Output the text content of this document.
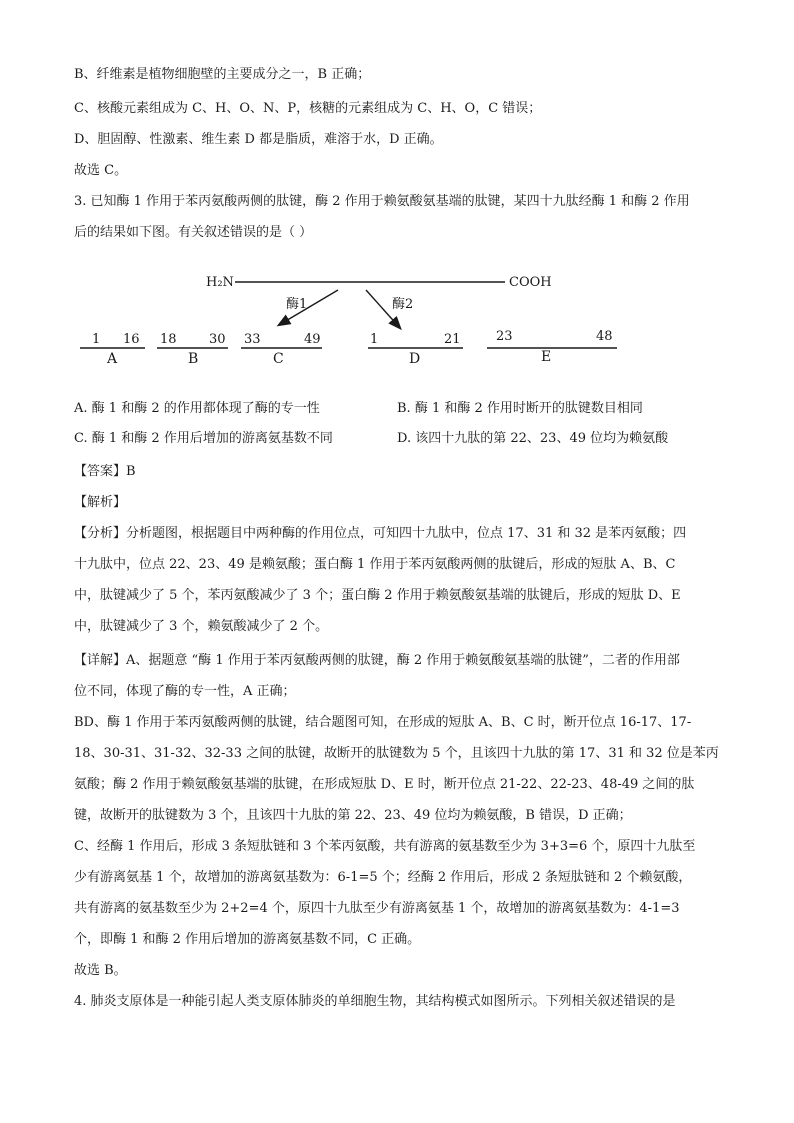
B、纤维素是植物细胞壁的主要成分之一，B 正确；
C、核酸元素组成为 C、H、O、N、P，核糖的元素组成为 C、H、O，C 错误；
D、胆固醇、性激素、维生素 D 都是脂质，难溶于水，D 正确。
故选 C。
3. 已知酶 1 作用于苯丙氨酸两侧的肽键，酶 2 作用于赖氨酸氨基端的肽键，某四十九肽经酶 1 和酶 2 作用
后的结果如下图。有关叙述错误的是（ ）
H₂N	COOH
酶1	酶2
1 16
A
18 30
B
33	49
C
1	21
D
23	48
E
A. 酶 1 和酶 2 的作用都体现了酶的专一性	B. 酶 1 和酶 2 作用时断开的肽键数目相同
C. 酶 1 和酶 2 作用后增加的游离氨基数不同	D. 该四十九肽的第 22、23、49 位均为赖氨酸
【答案】B
【解析】
【分析】分析题图，根据题目中两种酶的作用位点，可知四十九肽中，位点 17、31 和 32 是苯丙氨酸；四
十九肽中，位点 22、23、49 是赖氨酸；蛋白酶 1 作用于苯丙氨酸两侧的肽键后，形成的短肽 A、B、C
中，肽键减少了 5 个，苯丙氨酸减少了 3 个；蛋白酶 2 作用于赖氨酸氨基端的肽键后，形成的短肽 D、E
中，肽键减少了 3 个，赖氨酸减少了 2 个。
【详解】A、据题意 “酶 1 作用于苯丙氨酸两侧的肽键，酶 2 作用于赖氨酸氨基端的肽键”，二者的作用部
位不同，体现了酶的专一性，A 正确；
BD、酶 1 作用于苯丙氨酸两侧的肽键，结合题图可知，在形成的短肽 A、B、C 时，断开位点 16-17、17-
18、30-31、31-32、32-33 之间的肽键，故断开的肽键数为 5 个，且该四十九肽的第 17、31 和 32 位是苯丙
氨酸；酶 2 作用于赖氨酸氨基端的肽键，在形成短肽 D、E 时，断开位点 21-22、22-23、48-49 之间的肽
键，故断开的肽键数为 3 个，且该四十九肽的第 22、23、49 位均为赖氨酸，B 错误，D 正确；
C、经酶 1 作用后，形成 3 条短肽链和 3 个苯丙氨酸，共有游离的氨基数至少为 3+3=6 个，原四十九肽至
少有游离氨基 1 个，故增加的游离氨基数为：6-1=5 个；经酶 2 作用后，形成 2 条短肽链和 2 个赖氨酸，
共有游离的氨基数至少为 2+2=4 个，原四十九肽至少有游离氨基 1 个，故增加的游离氨基数为：4-1=3
个，即酶 1 和酶 2 作用后增加的游离氨基数不同，C 正确。
故选 B。
4. 肺炎支原体是一种能引起人类支原体肺炎的单细胞生物，其结构模式如图所示。下列相关叙述错误的是
